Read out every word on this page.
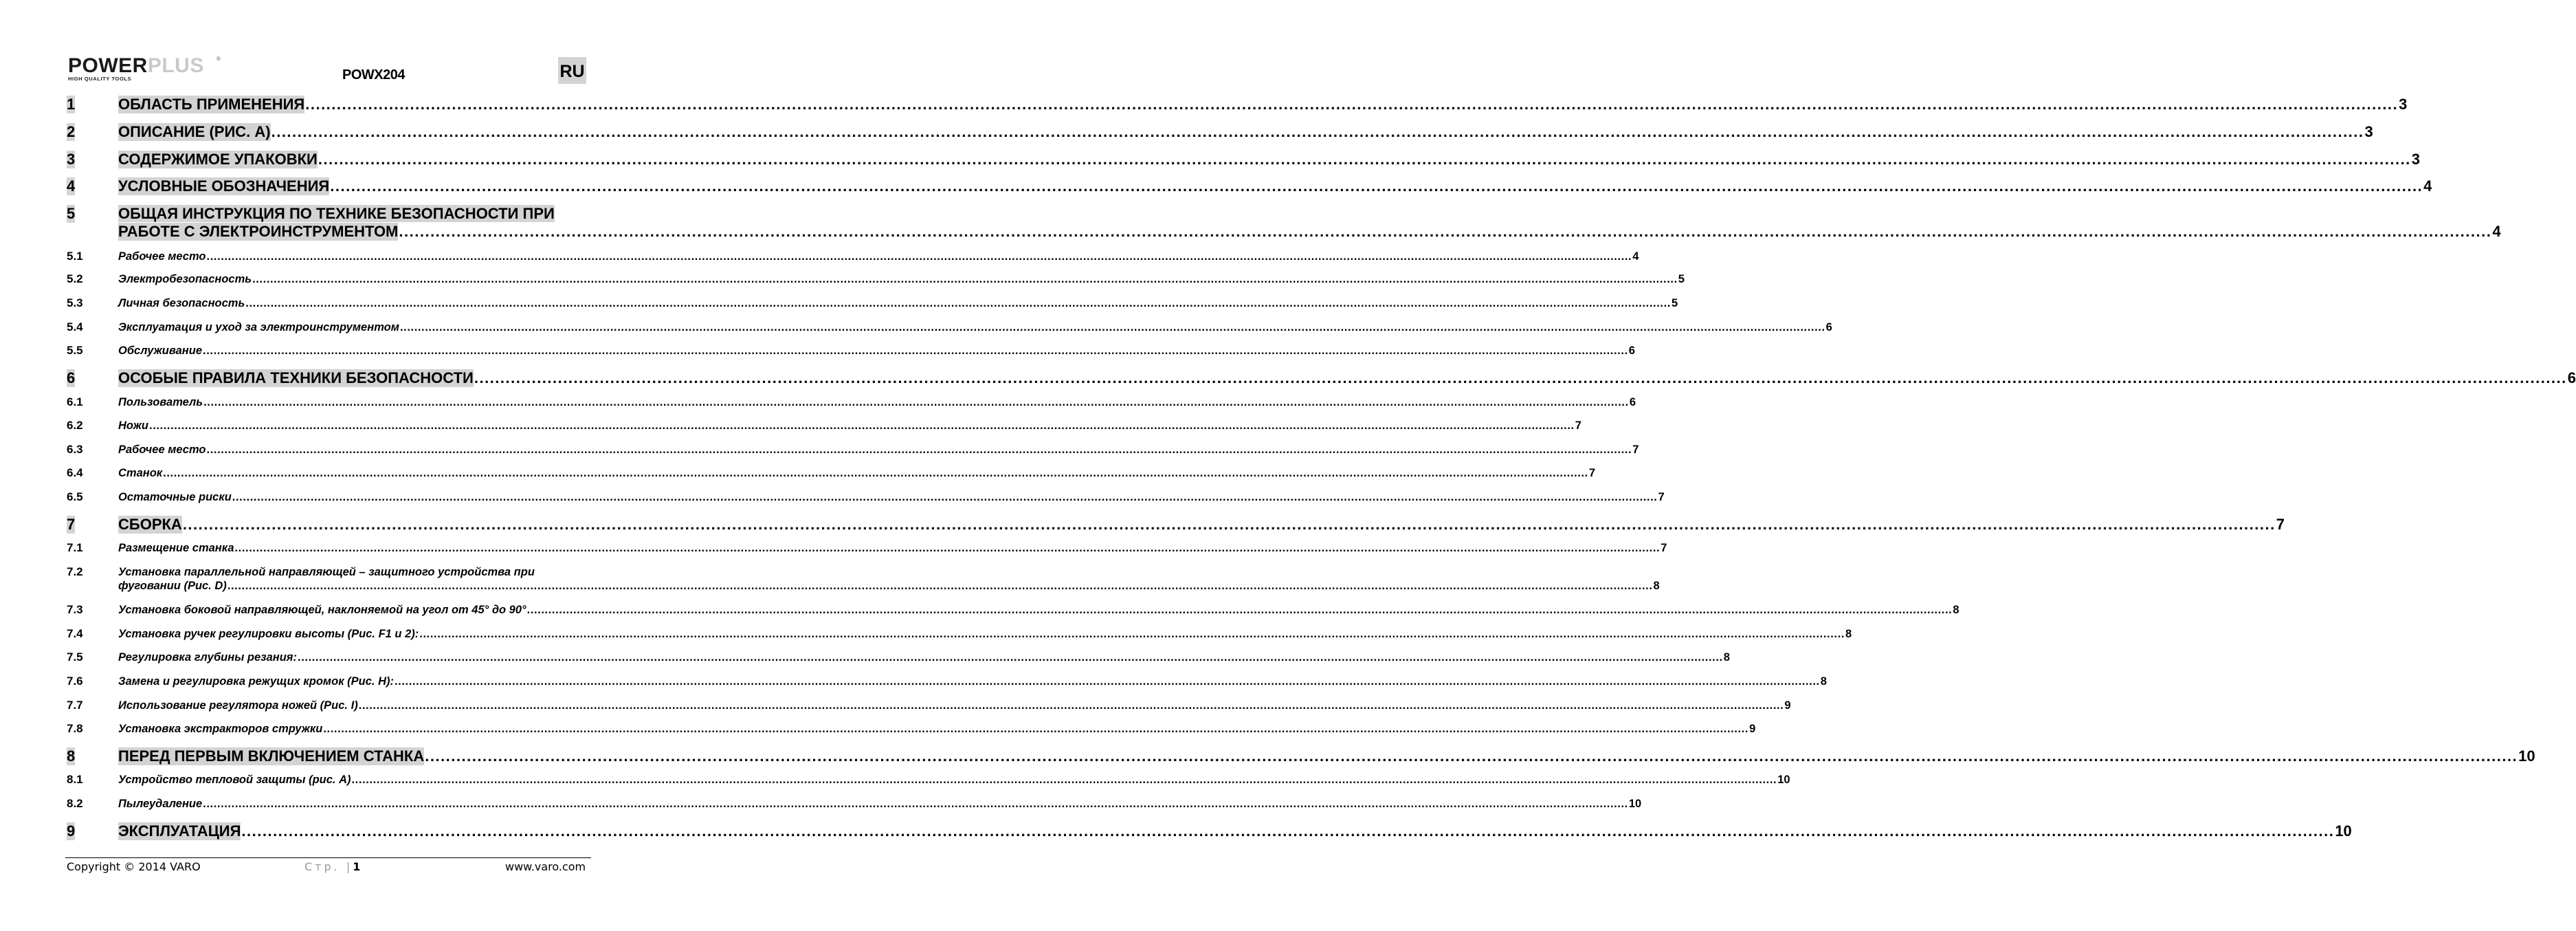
POWERPLUS ®
HIGH QUALITY TOOLS	POWX204	RU
1	ОБЛАСТЬ ПРИМЕНЕНИЯ ................................................................................................................................................................................................................................................................................................................................................................................................................ 3
2	ОПИСАНИЕ (РИС. A) ................................................................................................................................................................................................................................................................................................................................................................................................................ 3
3	СОДЕРЖИМОЕ УПАКОВКИ ................................................................................................................................................................................................................................................................................................................................................................................................................ 3
4	УСЛОВНЫЕ ОБОЗНАЧЕНИЯ ................................................................................................................................................................................................................................................................................................................................................................................................................ 4
5	ОБЩАЯ ИНСТРУКЦИЯ ПО ТЕХНИКЕ БЕЗОПАСНОСТИ ПРИ
РАБОТЕ С ЭЛЕКТРОИНСТРУМЕНТОМ ................................................................................................................................................................................................................................................................................................................................................................................................................ 4
5.1	Рабочее место ................................................................................................................................................................................................................................................................................................................................................................................................................ 4
5.2	Электробезопасность ................................................................................................................................................................................................................................................................................................................................................................................................................ 5
5.3	Личная безопасность ................................................................................................................................................................................................................................................................................................................................................................................................................ 5
5.4	Эксплуатация и уход за электроинструментом ................................................................................................................................................................................................................................................................................................................................................................................................................ 6
5.5	Обслуживание ................................................................................................................................................................................................................................................................................................................................................................................................................ 6
6	ОСОБЫЕ ПРАВИЛА ТЕХНИКИ БЕЗОПАСНОСТИ ................................................................................................................................................................................................................................................................................................................................................................................................................ 6
6.1	Пользователь ................................................................................................................................................................................................................................................................................................................................................................................................................ 6
6.2	Ножи ................................................................................................................................................................................................................................................................................................................................................................................................................ 7
6.3	Рабочее место ................................................................................................................................................................................................................................................................................................................................................................................................................ 7
6.4	Станок ................................................................................................................................................................................................................................................................................................................................................................................................................ 7
6.5	Остаточные риски ................................................................................................................................................................................................................................................................................................................................................................................................................ 7
7	СБОРКА ................................................................................................................................................................................................................................................................................................................................................................................................................ 7
7.1	Размещение станка ................................................................................................................................................................................................................................................................................................................................................................................................................ 7
7.2	Установка параллельной направляющей – защитного устройства при
фуговании (Рис. D) ................................................................................................................................................................................................................................................................................................................................................................................................................ 8
7.3	Установка боковой направляющей, наклоняемой на угол от 45° до 90° ................................................................................................................................................................................................................................................................................................................................................................................................................ 8
7.4	Установка ручек регулировки высоты (Рис. F1 и 2): ................................................................................................................................................................................................................................................................................................................................................................................................................ 8
7.5	Регулировка глубины резания: ................................................................................................................................................................................................................................................................................................................................................................................................................ 8
7.6	Замена и регулировка режущих кромок (Рис. H): ................................................................................................................................................................................................................................................................................................................................................................................................................ 8
7.7	Использование регулятора ножей (Рис. I) ................................................................................................................................................................................................................................................................................................................................................................................................................ 9
7.8	Установка экстракторов стружки ................................................................................................................................................................................................................................................................................................................................................................................................................ 9
8	ПЕРЕД ПЕРВЫМ ВКЛЮЧЕНИЕМ СТАНКА ................................................................................................................................................................................................................................................................................................................................................................................................................ 10
8.1	Устройство тепловой защиты (рис. A) ................................................................................................................................................................................................................................................................................................................................................................................................................ 10
8.2	Пылеудаление ................................................................................................................................................................................................................................................................................................................................................................................................................ 10
9	ЭКСПЛУАТАЦИЯ ................................................................................................................................................................................................................................................................................................................................................................................................................ 10
Copyright © 2014 VARO	Стр. |1	www.varo.com
